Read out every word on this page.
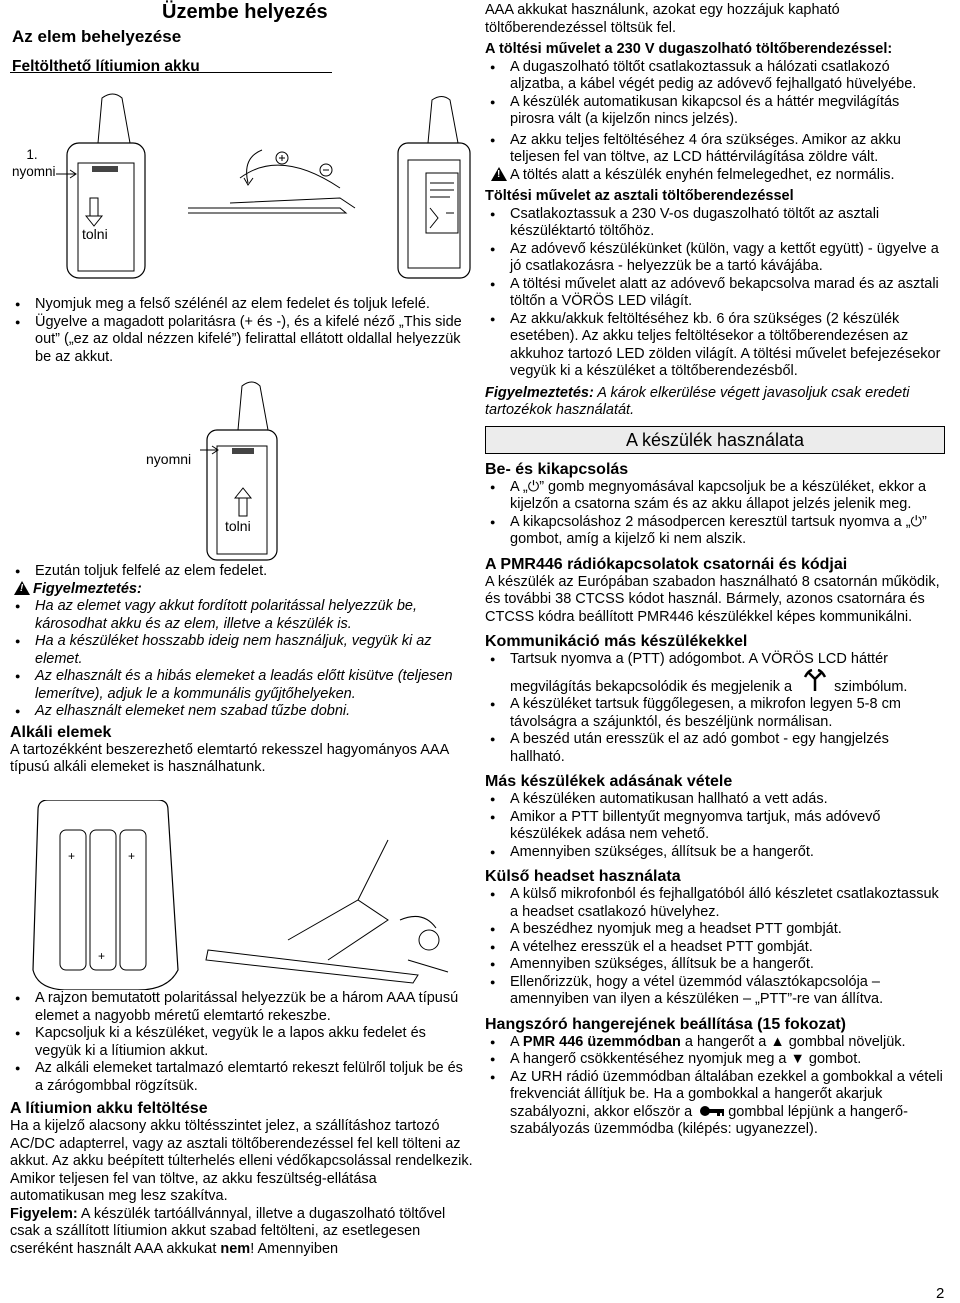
Üzembe helyezés
Az elem behelyezése
Feltölthető lítiumion akku
1.
nyomni
tolni
● Nyomjuk meg a felső szélénél az elem fedelet és toljuk lefelé.
● Ügyelve a magadott polaritásra (+ és -), és a kifelé néző „This side out” („ez az oldal nézzen kifelé”) felirattal ellátott oldallal helyezzük be az akkut.
nyomni
tolni
● Ezután toljuk felfelé az elem fedelet.
!Figyelmeztetés:
● Ha az elemet vagy akkut fordított polaritással helyezzük be, károsodhat akku és az elem, illetve a készülék is.
● Ha a készüléket hosszabb ideig nem használjuk, vegyük ki az elemet.
● Az elhasznált és a hibás elemeket a leadás előtt kisütve (teljesen lemerítve), adjuk le a kommunális gyűjtőhelyeken.
● Az elhasznált elemeket nem szabad tűzbe dobni.
Alkáli elemek

A tartozékként beszerezhető elemtartó rekesszel hagyományos AAA típusú alkáli elemeket is használhatunk.

+
+
+
● A rajzon bemutatott polaritással helyezzük be a három AAA típusú elemet a nagyobb méretű elemtartó rekeszbe.
● Kapcsoljuk ki a készüléket, vegyük le a lapos akku fedelet és vegyük ki a lítiumion akkut.
● Az alkáli elemeket tartalmazó elemtartó rekeszt felülről toljuk be és a zárógombbal rögzítsük.
A lítiumion akku feltöltése

Ha a kijelző alacsony akku töltésszintet jelez, a szállításhoz tartozó AC/DC adapterrel, vagy az asztali töltőberendezéssel fel kell tölteni az akkut. Az akku beépített túlterhelés elleni védőkapcsolással rendelkezik. Amikor teljesen fel van töltve, az akku feszültség-ellátása automatikusan meg lesz szakítva.

Figyelem: A készülék tartóállvánnyal, illetve a dugaszolható töltővel csak a szállított lítiumion akkut szabad feltölteni, az esetlegesen cseréként használt AAA akkukat nem! Amennyiben

AAA akkukat használunk, azokat egy hozzájuk kapható töltőberendezéssel töltsük fel.

A töltési művelet a 230 V dugaszolható töltőberendezéssel:
● A dugaszolható töltőt csatlakoztassuk a hálózati csatlakozó aljzatba, a kábel végét pedig az adóvevő fejhallgató hüvelyébe.
● A készülék automatikusan kikapcsol és a háttér megvilágítás pirosra vált (a kijelzőn nincs jelzés).
● Az akku teljes feltöltéséhez 4 óra szükséges. Amikor az akku teljesen fel van töltve, az LCD háttérvilágítása zöldre vált.
!A töltés alatt a készülék enyhén felmelegedhet, ez normális.
Töltési művelet az asztali töltőberendezéssel
● Csatlakoztassuk a 230 V-os dugaszolható töltőt az asztali készüléktartó töltőhöz.
● Az adóvevő készülékünket (külön, vagy a kettőt együtt) - ügyelve a jó csatlakozásra - helyezzük be a tartó kávájába.
● A töltési művelet alatt az adóvevő bekapcsolva marad és az asztali töltőn a VÖRÖS LED világít.
● Az akku/akkuk feltöltéséhez kb. 6 óra szükséges (2 készülék esetében). Az akku teljes feltöltésekor a töltőberendezésen az akkuhoz tartozó LED zölden világít. A töltési művelet befejezésekor vegyük ki a készüléket a töltőberendezésből.

Figyelmeztetés: A károk elkerülése végett javasoljuk csak eredeti tartozékok használatát.

A készülék használata
Be- és kikapcsolás
● A „⏻” gomb megnyomásával kapcsoljuk be a készüléket, ekkor a kijelzőn a csatorna szám és az akku állapot jelzés jelenik meg.
● A kikapcsoláshoz 2 másodpercen keresztül tartsuk nyomva a „⏻” gombot, amíg a kijelző ki nem alszik.
A PMR446 rádiókapcsolatok csatornái és kódjai

A készülék az Európában szabadon használható 8 csatornán működik, és további 38 CTCSS kódot használ. Bármely, azonos csatornára és CTCSS kódra beállított PMR446 készülékkel képes kommunikálni.

Kommunikáció más készülékekkel
● Tartsuk nyomva a (PTT) adógombot. A VÖRÖS LCD háttér
megvilágítás bekapcsolódik és megjelenik a	szimbólum.
● A készüléket tartsuk függőlegesen, a mikrofon legyen 5-8 cm távolságra a szájunktól, és beszéljünk normálisan.
● A beszéd után eresszük el az adó gombot - egy hangjelzés hallható.
Más készülékek adásának vétele
● A készüléken automatikusan hallható a vett adás.
● Amikor a PTT billentyűt megnyomva tartjuk, más adóvevő készülékek adása nem vehető.
● Amennyiben szükséges, állítsuk be a hangerőt.
Külső headset használata
● A külső mikrofonból és fejhallgatóból álló készletet csatlakoztassuk a headset csatlakozó hüvelyhez.
● A beszédhez nyomjuk meg a headset PTT gombját.
● A vételhez eresszük el a headset PTT gombját.
● Amennyiben szükséges, állítsuk be a hangerőt.
● Ellenőrizzük, hogy a vétel üzemmód választókapcsolója – amennyiben van ilyen a készüléken – „PTT”-re van állítva.
Hangszóró hangerejének beállítása (15 fokozat)
● A PMR 446 üzemmódban a hangerőt a ▲ gombbal növeljük.
● A hangerő csökkentéséhez nyomjuk meg a ▼ gombot.
● Az URH rádió üzemmódban általában ezekkel a gombokkal a vételi frekvenciát állítjuk be. Ha a gombokkal a hangerőt akarjuk szabályozni, akkor először a gombbal lépjünk a hangerő-szabályozás üzemmódba (kilépés: ugyanezzel).
2
